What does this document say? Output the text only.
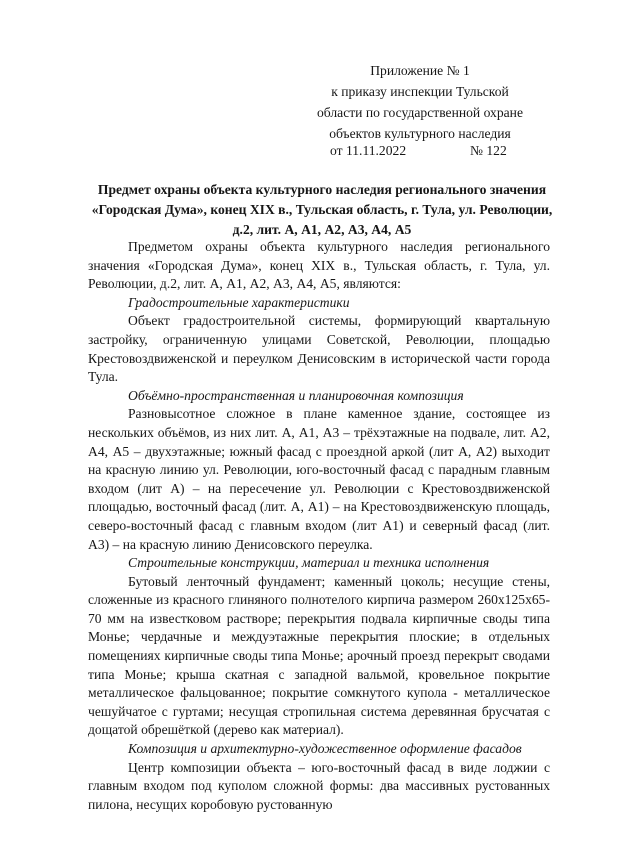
Приложение № 1
к приказу инспекции Тульской
области по государственной охране
объектов культурного наследия
от 11.11.2022	№ 122
Предмет охраны объекта культурного наследия регионального значения «Городская Дума», конец XIX в., Тульская область, г. Тула, ул. Революции, д.2, лит. А, А1, А2, А3, А4, А5

Предметом охраны объекта культурного наследия регионального значения «Городская Дума», конец XIX в., Тульская область, г. Тула, ул. Революции, д.2, лит. А, А1, А2, А3, А4, А5, являются:

Градостроительные характеристики

Объект градостроительной системы, формирующий квартальную застройку, ограниченную улицами Советской, Революции, площадью Крестовоздвиженской и переулком Денисовским в исторической части города Тула.

Объёмно-пространственная и планировочная композиция

Разновысотное сложное в плане каменное здание, состоящее из нескольких объёмов, из них лит. А, А1, А3 – трёхэтажные на подвале, лит. А2, А4, А5 – двухэтажные; южный фасад с проездной аркой (лит А, А2) выходит на красную линию ул. Революции, юго-восточный фасад с парадным главным входом (лит А) – на пересечение ул. Революции с Крестовоздвиженской площадью, восточный фасад (лит. А, А1) – на Крестовоздвиженскую площадь, северо-восточный фасад с главным входом (лит А1) и северный фасад (лит. А3) – на красную линию Денисовского переулка.

Строительные конструкции, материал и техника исполнения

Бутовый ленточный фундамент; каменный цоколь; несущие стены, сложенные из красного глиняного полнотелого кирпича размером 260х125х65-70 мм на известковом растворе; перекрытия подвала кирпичные своды типа Монье; чердачные и междуэтажные перекрытия плоские; в отдельных помещениях кирпичные своды типа Монье; арочный проезд перекрыт сводами типа Монье; крыша скатная с западной вальмой, кровельное покрытие металлическое фальцованное; покрытие сомкнутого купола - металлическое чешуйчатое с гуртами; несущая стропильная система деревянная брусчатая с дощатой обрешёткой (дерево как материал).

Композиция и архитектурно-художественное оформление фасадов

Центр композиции объекта – юго-восточный фасад в виде лоджии с главным входом под куполом сложной формы: два массивных рустованных пилона, несущих коробовую рустованную
